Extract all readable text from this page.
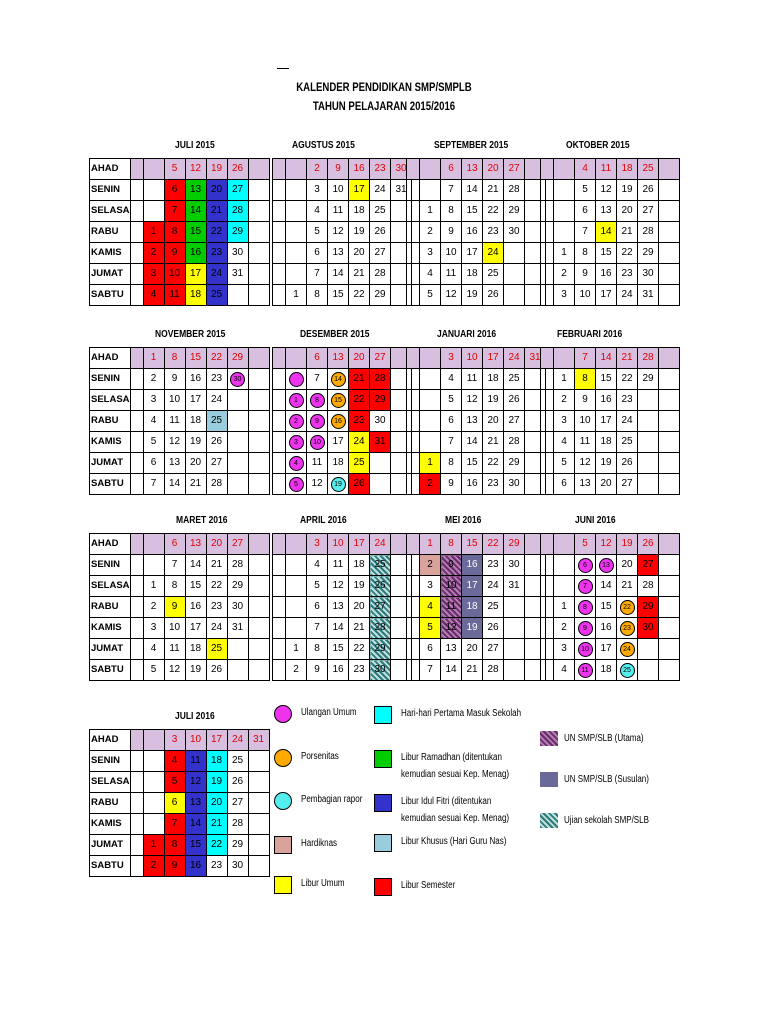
KALENDER PENDIDIKAN SMP/SMPLB
TAHUN PELAJARAN 2015/2016
JULI 2015
AHAD			5	12	19	26	
SENIN			6	13	20	27	
SELASA			7	14	21	28	
RABU		1	8	15	22	29	
KAMIS		2	9	16	23	30	
JUMAT		3	10	17	24	31	
SABTU		4	11	18	25		
AGUSTUS 2015
		2	9	16	23	30
		3	10	17	24	31
		4	11	18	25	
		5	12	19	26	
		6	13	20	27	
		7	14	21	28	
	1	8	15	22	29	
SEPTEMBER 2015
		6	13	20	27	
		7	14	21	28	
	1	8	15	22	29	
	2	9	16	23	30	
	3	10	17	24		
	4	11	18	25		
	5	12	19	26		
OKTOBER 2015
		4	11	18	25	
		5	12	19	26	
		6	13	20	27	
		7	14	21	28	
	1	8	15	22	29	
	2	9	16	23	30	
	3	10	17	24	31	
NOVEMBER 2015
AHAD		1	8	15	22	29	
SENIN		2	9	16	23	30	
SELASA		3	10	17	24		
RABU		4	11	18	25		
KAMIS		5	12	19	26		
JUMAT		6	13	20	27		
SABTU		7	14	21	28		
DESEMBER 2015
		6	13	20	27	
		7	14	21	28	
	1	8	15	22	29	
	2	9	16	23	30	
	3	10	17	24	31	
	4	11	18	25		
	5	12	19	26		
JANUARI 2016
		3	10	17	24	31
		4	11	18	25	
		5	12	19	26	
		6	13	20	27	
		7	14	21	28	
	1	8	15	22	29	
	2	9	16	23	30	
FEBRUARI 2016
		7	14	21	28	
	1	8	15	22	29	
	2	9	16	23		
	3	10	17	24		
	4	11	18	25		
	5	12	19	26		
	6	13	20	27		
MARET 2016
AHAD			6	13	20	27	
SENIN			7	14	21	28	
SELASA		1	8	15	22	29	
RABU		2	9	16	23	30	
KAMIS		3	10	17	24	31	
JUMAT		4	11	18	25		
SABTU		5	12	19	26		
APRIL 2016
		3	10	17	24	
		4	11	18	25	
		5	12	19	26	
		6	13	20	27	
		7	14	21	28	
	1	8	15	22	29	
	2	9	16	23	30	
MEI 2016
	1	8	15	22	29	
	2	9	16	23	30	
	3	10	17	24	31	
	4	11	18	25		
	5	12	19	26		
	6	13	20	27		
	7	14	21	28		
JUNI 2016
		5	12	19	26	
		6	13	20	27	
		7	14	21	28	
	1	8	15	22	29	
	2	9	16	23	30	
	3	10	17	24		
	4	11	18	25		
JULI 2016
AHAD			3	10	17	24	31
SENIN			4	11	18	25	
SELASA			5	12	19	26	
RABU			6	13	20	27	
KAMIS			7	14	21	28	
JUMAT		1	8	15	22	29	
SABTU		2	9	16	23	30	
Ulangan Umum
Porsenitas
Pembagian rapor
Hardiknas
Libur Umum
Hari-hari Pertama Masuk Sekolah
Libur Ramadhan (ditentukan
kemudian sesuai Kep. Menag)
Libur Idul Fitri (ditentukan
kemudian sesuai Kep. Menag)
Libur Khusus (Hari Guru Nas)
Libur Semester
UN SMP/SLB (Utama)
UN SMP/SLB (Susulan)
Ujian sekolah SMP/SLB
